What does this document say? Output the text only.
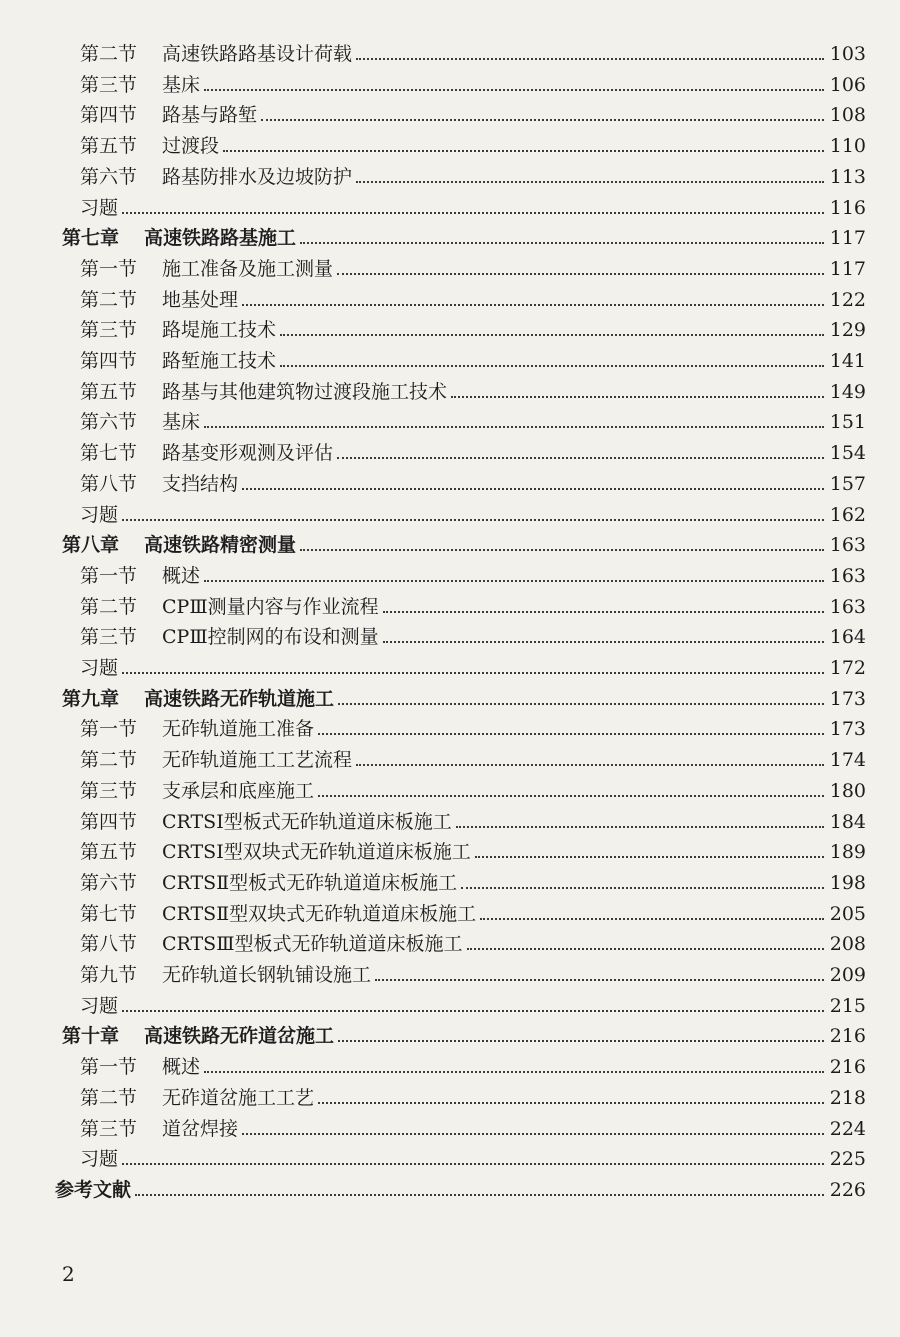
第二节	高速铁路路基设计荷载	103
第三节	基床	106
第四节	路基与路堑	108
第五节	过渡段	110
第六节	路基防排水及边坡防护	113
习题	116
第七章	高速铁路路基施工	117
第一节	施工准备及施工测量	117
第二节	地基处理	122
第三节	路堤施工技术	129
第四节	路堑施工技术	141
第五节	路基与其他建筑物过渡段施工技术	149
第六节	基床	151
第七节	路基变形观测及评估	154
第八节	支挡结构	157
习题	162
第八章	高速铁路精密测量	163
第一节	概述	163
第二节	CPⅢ测量内容与作业流程	163
第三节	CPⅢ控制网的布设和测量	164
习题	172
第九章	高速铁路无砟轨道施工	173
第一节	无砟轨道施工准备	173
第二节	无砟轨道施工工艺流程	174
第三节	支承层和底座施工	180
第四节	CRTSⅠ型板式无砟轨道道床板施工	184
第五节	CRTSⅠ型双块式无砟轨道道床板施工	189
第六节	CRTSⅡ型板式无砟轨道道床板施工	198
第七节	CRTSⅡ型双块式无砟轨道道床板施工	205
第八节	CRTSⅢ型板式无砟轨道道床板施工	208
第九节	无砟轨道长钢轨铺设施工	209
习题	215
第十章	高速铁路无砟道岔施工	216
第一节	概述	216
第二节	无砟道岔施工工艺	218
第三节	道岔焊接	224
习题	225
参考文献	226
2
